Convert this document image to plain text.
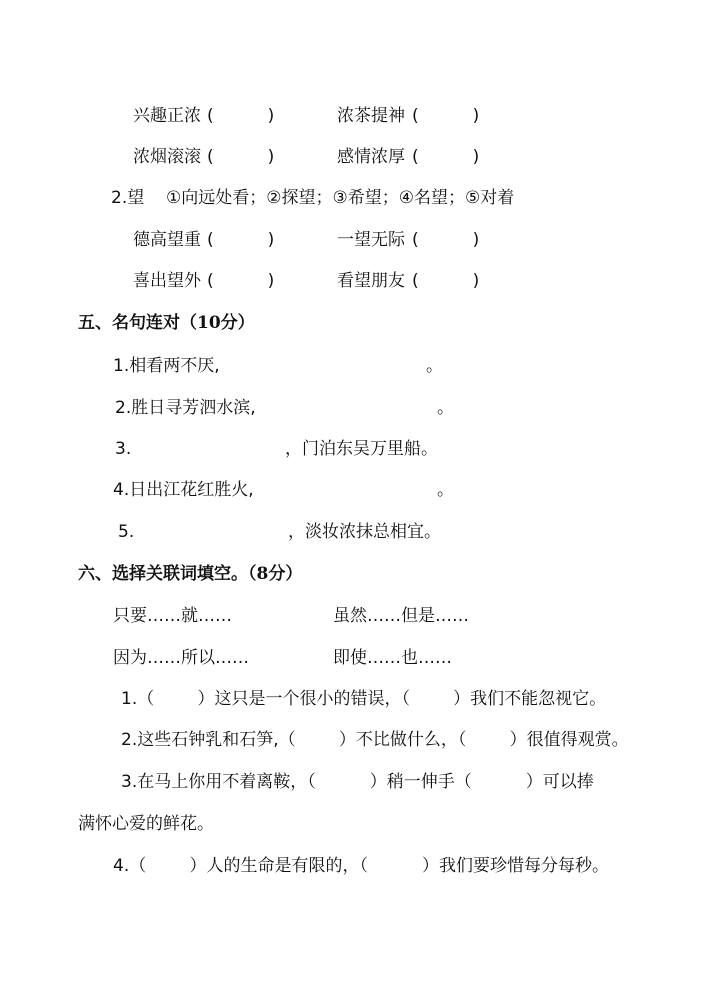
兴趣正浓 (          )	浓茶提神 (          )
浓烟滚滚 (          )	感情浓厚 (          )
2.望 ①向远处看；②探望；③希望；④名望；⑤对着
德高望重 (          )	一望无际 (          )
喜出望外 (          )	看望朋友 (          )
五、名句连对（10分）
1.相看两不厌,	。
2.胜日寻芳泗水滨,	。
3.	，门泊东吴万里船。
4.日出江花红胜火,	。
5.	，淡妆浓抹总相宜。
六、选择关联词填空。（8分）
只要……就……	虽然……但是……
因为……所以……	即使……也……
1.（        ）这只是一个很小的错误，（        ）我们不能忽视它。
2.这些石钟乳和石笋,（        ）不比做什么，（        ）很值得观赏。
3.在马上你用不着离鞍，（          ）稍一伸手（          ）可以捧
满怀心爱的鲜花。
4.（        ）人的生命是有限的，（          ）我们要珍惜每分每秒。
